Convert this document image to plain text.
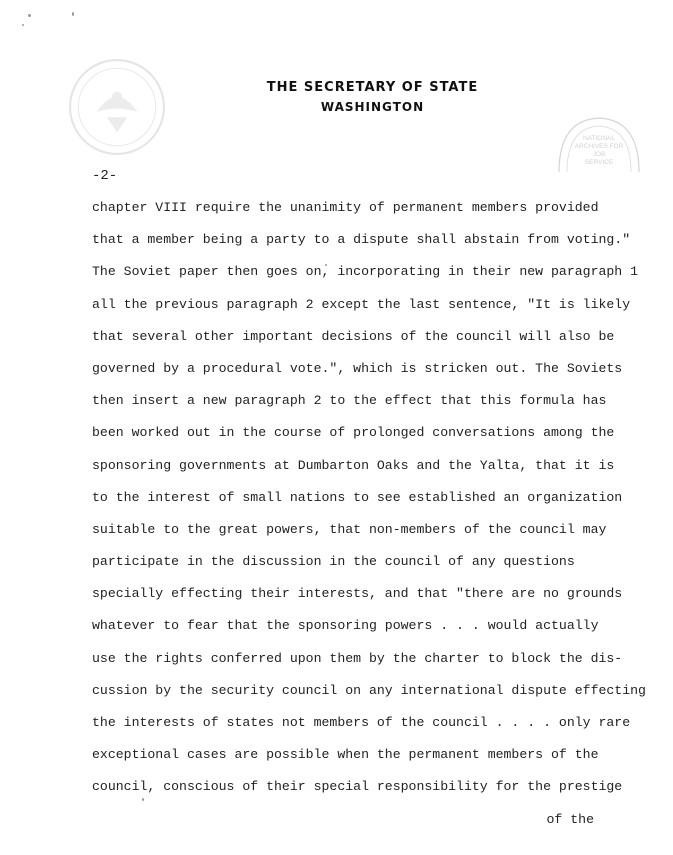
NATIONAL
ARCHIVES FOR
JOB
SERVICE
THE SECRETARY OF STATE
WASHINGTON
-2-
chapter VIII require the unanimity of permanent members provided
that a member being a party to a dispute shall abstain from voting."
The Soviet paper then goes on, incorporating in their new paragraph 1
all the previous paragraph 2 except the last sentence, "It is likely
that several other important decisions of the council will also be
governed by a procedural vote.", which is stricken out. The Soviets
then insert a new paragraph 2 to the effect that this formula has
been worked out in the course of prolonged conversations among the
sponsoring governments at Dumbarton Oaks and the Yalta, that it is
to the interest of small nations to see established an organization
suitable to the great powers, that non-members of the council may
participate in the discussion in the council of any questions
specially effecting their interests, and that "there are no grounds
whatever to fear that the sponsoring powers . . . would actually
use the rights conferred upon them by the charter to block the dis-
cussion by the security council on any international dispute effecting
the interests of states not members of the council . . . . only rare
exceptional cases are possible when the permanent members of the
council, conscious of their special responsibility for the prestige
of the
